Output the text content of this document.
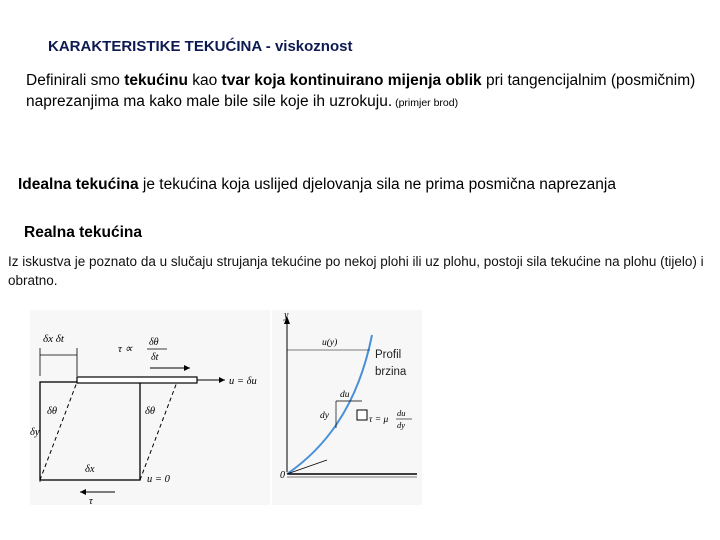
KARAKTERISTIKE TEKUĆINA - viskoznost
Definirali smo tekućinu kao tvar koja kontinuirano mijenja oblik pri tangencijalnim (posmičnim) naprezanjima ma kako male bile sile koje ih uzrokuju. (primjer brod)
Idealna tekućina je tekućina koja uslijed djelovanja sila ne prima posmična naprezanja
Realna tekućina
Iz iskustva je poznato da u slučaju strujanja tekućine po nekoj plohi ili uz plohu, postoji sila tekućine na plohu (tijelo) i obratno.
δx δt
τ ∝
δθ
δt
u = δu
δθ	δθ
δy
δx
u = 0
τ
y
u(y)
du
dy
0
τ = μ
du
dy
Profil
brzina
